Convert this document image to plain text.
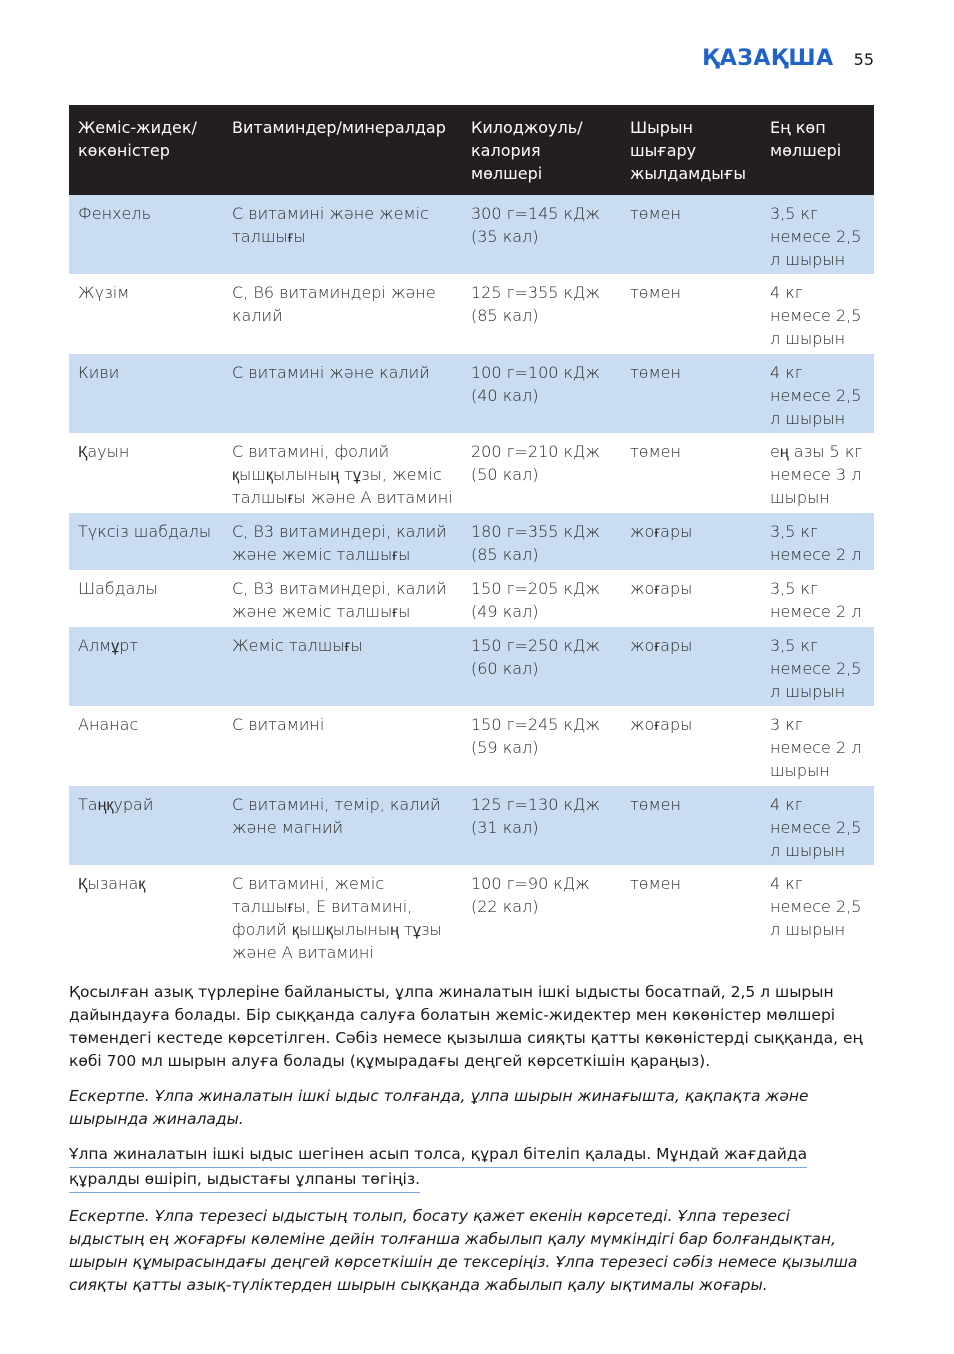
ҚАЗАҚША 55
Жеміс-жидек/ көкөністер	Витаминдер/минералдар	Килоджоуль/ калория мөлшері	Шырын шығару жылдамдығы	Ең көп мөлшері
Фенхель	С витамині және жеміс талшығы	300 г=145 кДж (35 кал)	төмен	3,5 кг немесе 2,5 л шырын
Жүзім	С, В6 витаминдері және калий	125 г=355 кДж (85 кал)	төмен	4 кг немесе 2,5 л шырын
Киви	С витамині және калий	100 г=100 кДж (40 кал)	төмен	4 кг немесе 2,5 л шырын
Қауын	С витамині, фолий қышқылының тұзы, жеміс талшығы және А витамині	200 г=210 кДж (50 кал)	төмен	ең азы 5 кг немесе 3 л шырын
Түксіз шабдалы	С, В3 витаминдері, калий және жеміс талшығы	180 г=355 кДж (85 кал)	жоғары	3,5 кг немесе 2 л
Шабдалы	С, В3 витаминдері, калий және жеміс талшығы	150 г=205 кДж (49 кал)	жоғары	3,5 кг немесе 2 л
Алмұрт	Жеміс талшығы	150 г=250 кДж (60 кал)	жоғары	3,5 кг немесе 2,5 л шырын
Ананас	С витамині	150 г=245 кДж (59 кал)	жоғары	3 кг немесе 2 л шырын
Таңқурай	С витамині, темір, калий және магний	125 г=130 кДж (31 кал)	төмен	4 кг немесе 2,5 л шырын
Қызанақ	С витамині, жеміс талшығы, Е витамині, фолий қышқылының тұзы және А витамині	100 г=90 кДж (22 кал)	төмен	4 кг немесе 2,5 л шырын

Қосылған азық түрлеріне байланысты, ұлпа жиналатын ішкі ыдысты босатпай, 2,5 л шырын дайындауға болады. Бір сыққанда салуға болатын жеміс-жидектер мен көкөністер мөлшері төмендегі кестеде көрсетілген. Сәбіз немесе қызылша сияқты қатты көкөністерді сыққанда, ең көбі 700 мл шырын алуға болады (құмырадағы деңгей көрсеткішін қараңыз).

Ескертпе. Ұлпа жиналатын ішкі ыдыс толғанда, ұлпа шырын жинағышта, қақпақта және шырында жиналады.

Ұлпа жиналатын ішкі ыдыс шегінен асып толса, құрал бітеліп қалады. Мұндай жағдайда
құралды өшіріп, ыдыстағы ұлпаны төгіңіз.

Ескертпе. Ұлпа терезесі ыдыстың толып, босату қажет екенін көрсетеді. Ұлпа терезесі ыдыстың ең жоғарғы көлеміне дейін толғанша жабылып қалу мүмкіндігі бар болғандықтан, шырын құмырасындағы деңгей көрсеткішін де тексеріңіз. Ұлпа терезесі сәбіз немесе қызылша сияқты қатты азық-түліктерден шырын сыққанда жабылып қалу ықтималы жоғары.
